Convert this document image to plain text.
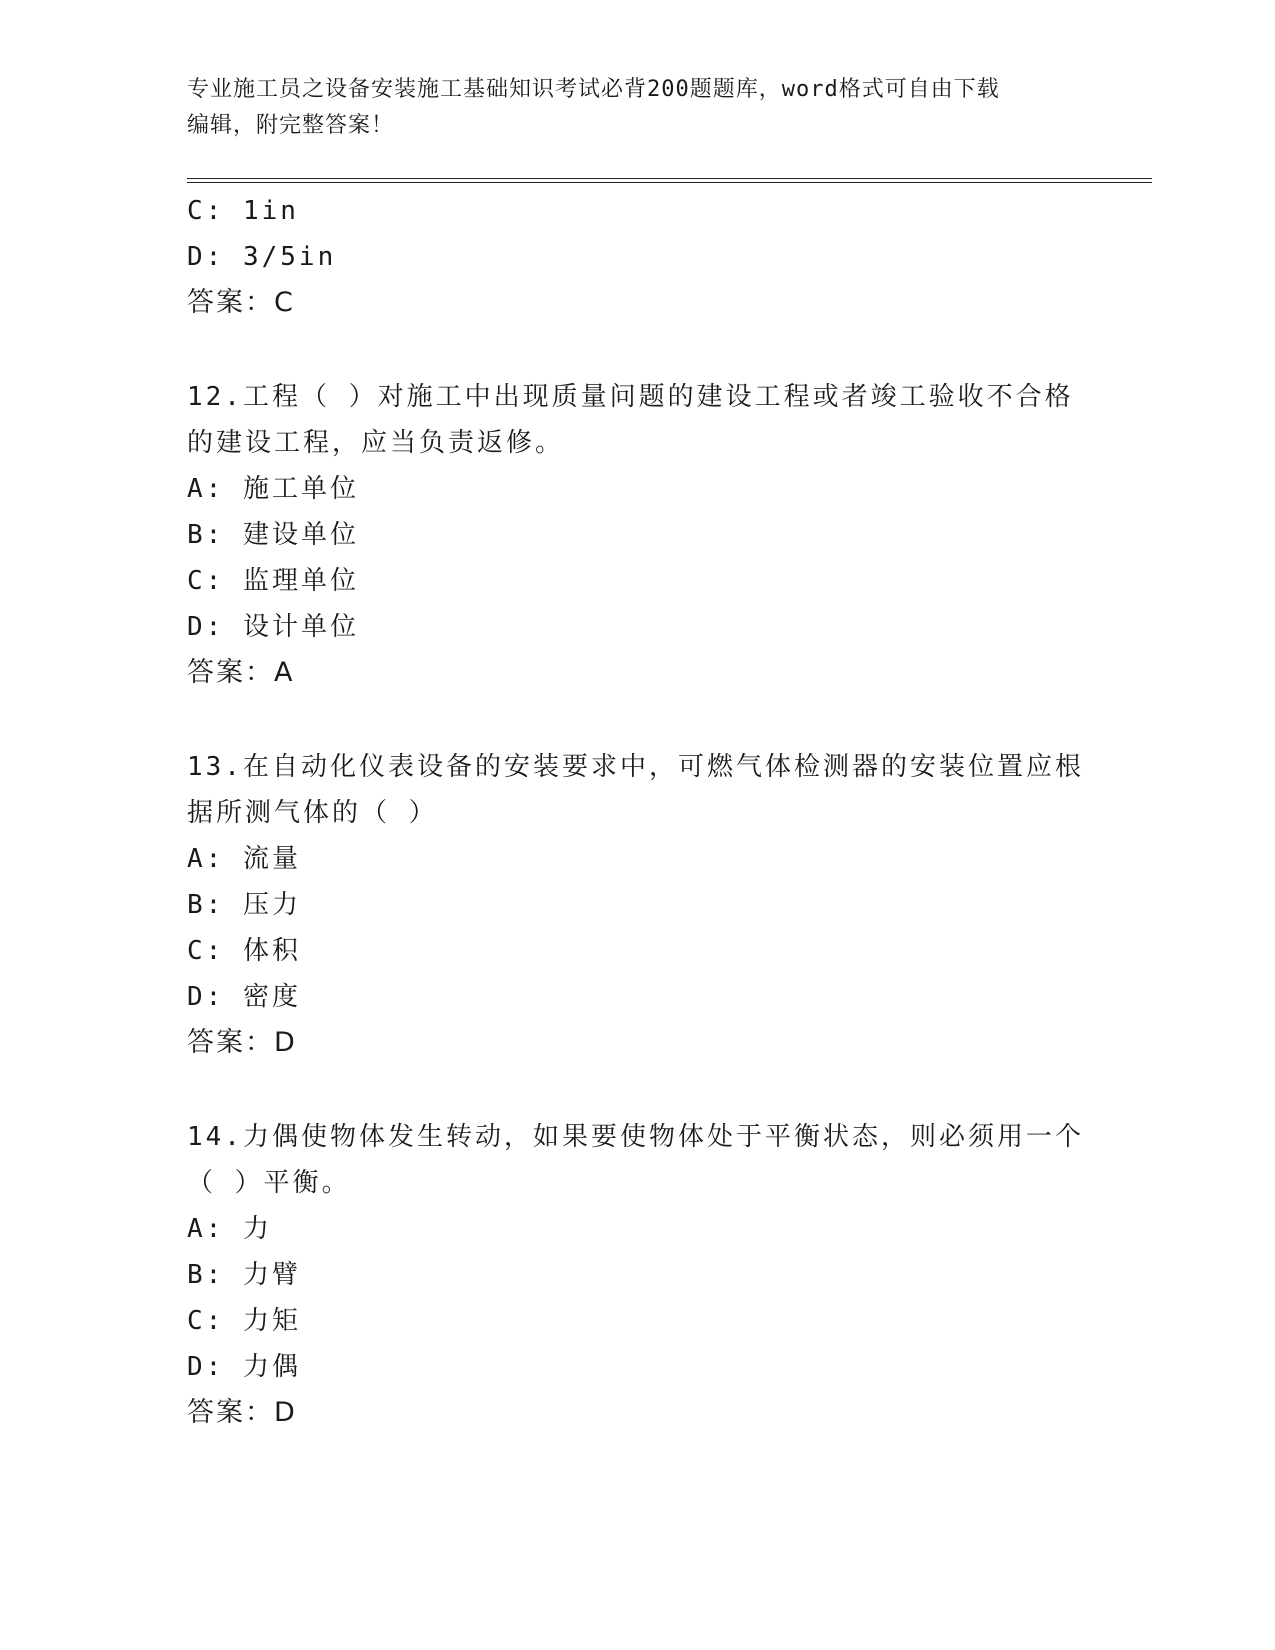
专业施工员之设备安装施工基础知识考试必背200题题库，word格式可自由下载
编辑，附完整答案！
C: 1in
D: 3/5in
答案：C
12.工程（ ）对施工中出现质量问题的建设工程或者竣工验收不合格
的建设工程，应当负责返修。
A: 施工单位
B: 建设单位
C: 监理单位
D: 设计单位
答案：A
13.在自动化仪表设备的安装要求中，可燃气体检测器的安装位置应根
据所测气体的（ ）
A: 流量
B: 压力
C: 体积
D: 密度
答案：D
14.力偶使物体发生转动，如果要使物体处于平衡状态，则必须用一个
（ ）平衡。
A: 力
B: 力臂
C: 力矩
D: 力偶
答案：D
